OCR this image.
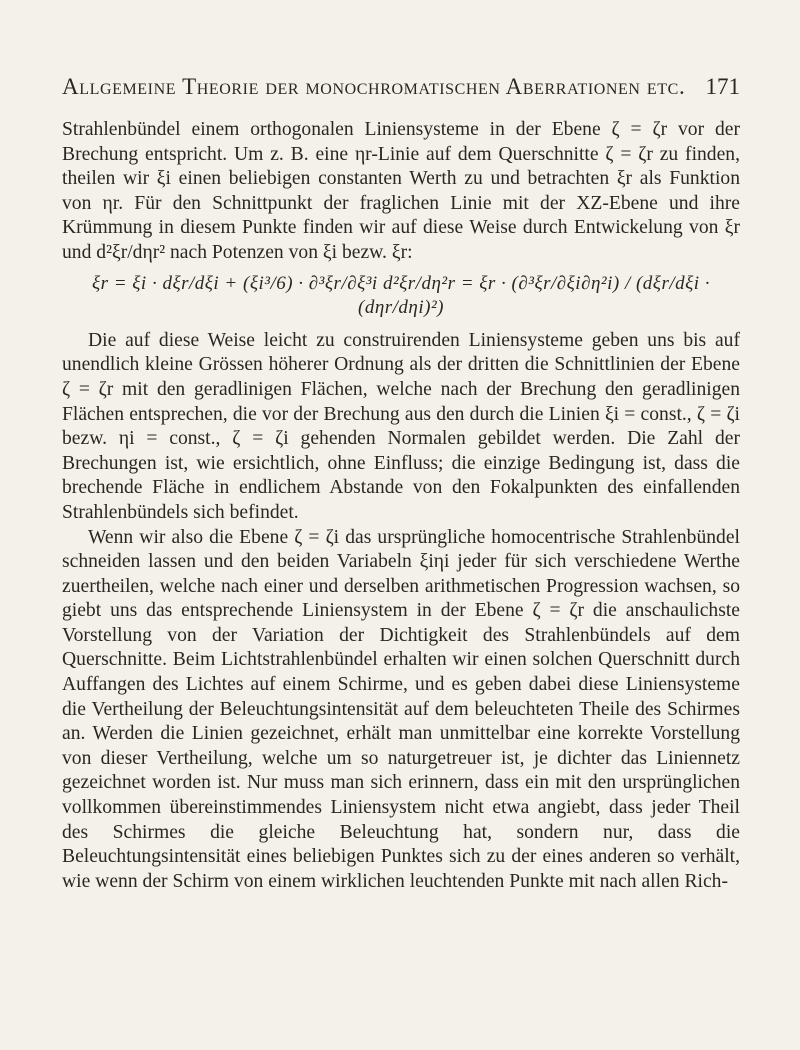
Allgemeine Theorie der monochromatischen Aberrationen etc. 171

Strahlenbündel einem orthogonalen Liniensysteme in der Ebene ζ = ζr vor der Brechung entspricht. Um z. B. eine ηr-Linie auf dem Querschnitte ζ = ζr zu finden, theilen wir ξi einen beliebigen constanten Werth zu und betrachten ξr als Funktion von ηr. Für den Schnittpunkt der fraglichen Linie mit der XZ-Ebene und ihre Krümmung in diesem Punkte finden wir auf diese Weise durch Entwickelung von ξr und d²ξr/dηr² nach Potenzen von ξi bezw. ξr:

ξr = ξi · dξr/dξi + (ξi³/6) · ∂³ξr/∂ξ³i d²ξr/dη²r = ξr · (∂³ξr/∂ξi∂η²i) / (dξr/dξi · (dηr/dηi)²)

Die auf diese Weise leicht zu construirenden Liniensysteme geben uns bis auf unendlich kleine Grössen höherer Ordnung als der dritten die Schnittlinien der Ebene ζ = ζr mit den geradlinigen Flächen, welche nach der Brechung den geradlinigen Flächen entsprechen, die vor der Brechung aus den durch die Linien ξi = const., ζ = ζi bezw. ηi = const., ζ = ζi gehenden Normalen gebildet werden. Die Zahl der Brechungen ist, wie ersichtlich, ohne Einfluss; die einzige Bedingung ist, dass die brechende Fläche in endlichem Abstande von den Fokalpunkten des einfallenden Strahlenbündels sich befindet.

Wenn wir also die Ebene ζ = ζi das ursprüngliche homocentrische Strahlenbündel schneiden lassen und den beiden Variabeln ξiηi jeder für sich verschiedene Werthe zuertheilen, welche nach einer und derselben arithmetischen Progression wachsen, so giebt uns das entsprechende Liniensystem in der Ebene ζ = ζr die anschaulichste Vorstellung von der Variation der Dichtigkeit des Strahlenbündels auf dem Querschnitte. Beim Lichtstrahlenbündel erhalten wir einen solchen Querschnitt durch Auffangen des Lichtes auf einem Schirme, und es geben dabei diese Liniensysteme die Vertheilung der Beleuchtungsintensität auf dem beleuchteten Theile des Schirmes an. Werden die Linien gezeichnet, erhält man unmittelbar eine korrekte Vorstellung von dieser Vertheilung, welche um so naturgetreuer ist, je dichter das Liniennetz gezeichnet worden ist. Nur muss man sich erinnern, dass ein mit den ursprünglichen vollkommen übereinstimmendes Liniensystem nicht etwa angiebt, dass jeder Theil des Schirmes die gleiche Beleuchtung hat, sondern nur, dass die Beleuchtungsintensität eines beliebigen Punktes sich zu der eines anderen so verhält, wie wenn der Schirm von einem wirklichen leuchtenden Punkte mit nach allen Rich-
